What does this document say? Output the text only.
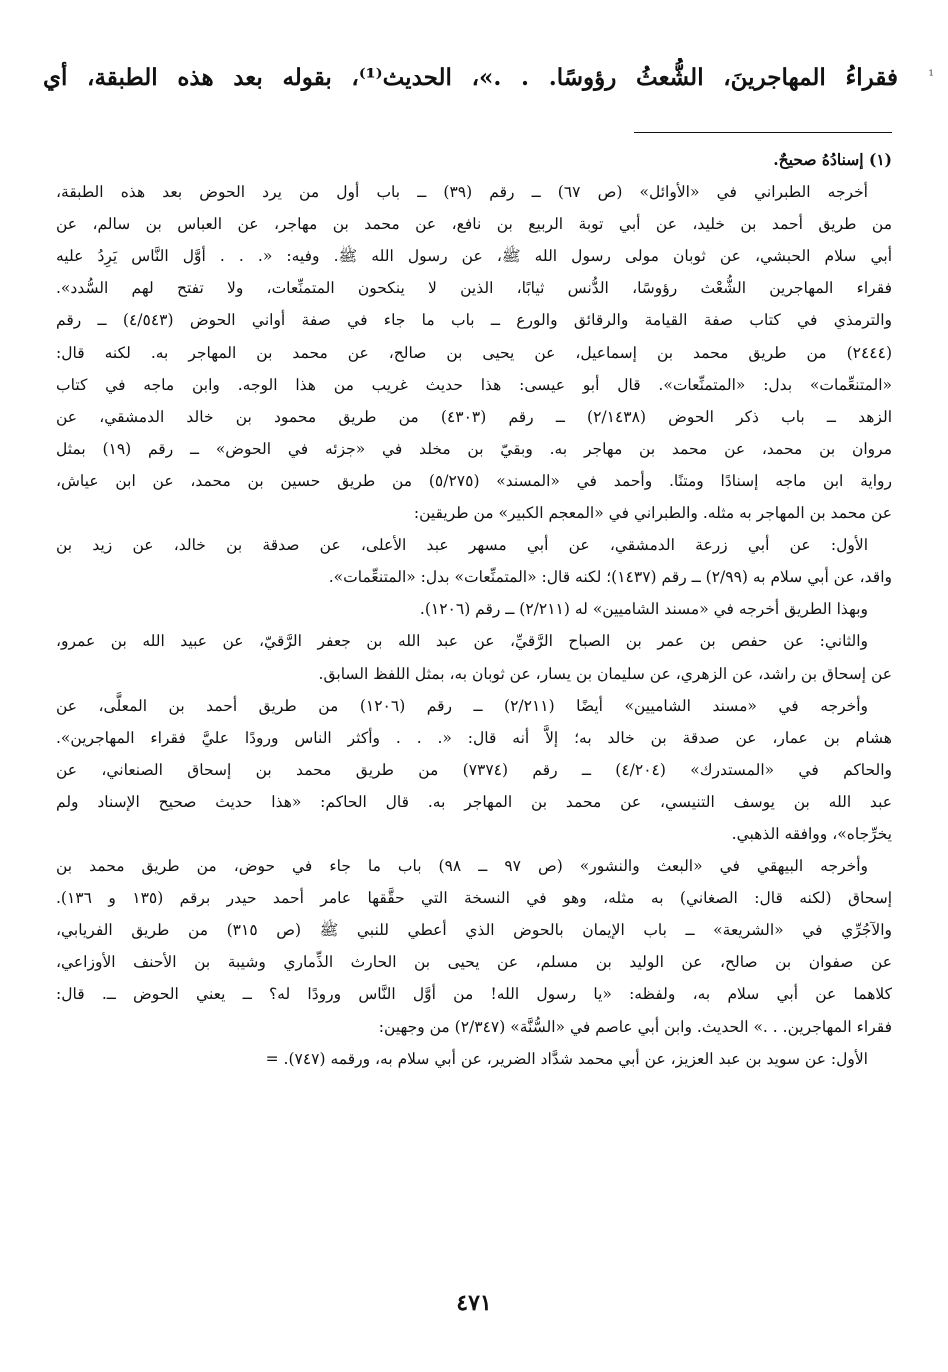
فقراءُ المهاجرينَ، الشُّعثُ رؤوسًا. . .»، الحديث⁽¹⁾، بقوله بعد هذه الطبقة، أي ¹
(١) إسنادُهُ صحيحٌ.
أخرجه الطبراني في «الأوائل» (ص ٦٧) ــ رقم (٣٩) ــ باب أول من يرد الحوض بعد هذه الطبقة،
من طريق أحمد بن خليد، عن أبي توبة الربيع بن نافع، عن محمد بن مهاجر، عن العباس بن سالم، عن
أبي سلام الحبشي، عن ثوبان مولى رسول الله ﷺ، عن رسول الله ﷺ. وفيه: «. . . أوَّل النَّاس يَرِدُ عليه
فقراء المهاجرين الشُّعْث رؤوسًا، الدُّنس ثيابًا، الذين لا ينكحون المتمنِّعات، ولا تفتح لهم السُّدد».
والترمذي في كتاب صفة القيامة والرقائق والورع ــ باب ما جاء في صفة أواني الحوض (٤/٥٤٣) ــ رقم
(٢٤٤٤) من طريق محمد بن إسماعيل، عن يحيى بن صالح، عن محمد بن المهاجر به. لكنه قال:
«المتنعِّمات» بدل: «المتمنِّعات». قال أبو عيسى: هذا حديث غريب من هذا الوجه. وابن ماجه في كتاب
الزهد ــ باب ذكر الحوض (٢/١٤٣٨) ــ رقم (٤٣٠٣) من طريق محمود بن خالد الدمشقي، عن
مروان بن محمد، عن محمد بن مهاجر به. وبقيّ بن مخلد في «جزئه في الحوض» ــ رقم (١٩) بمثل
رواية ابن ماجه إسنادًا ومتنًا. وأحمد في «المسند» (٥/٢٧٥) من طريق حسين بن محمد، عن ابن عياش،
عن محمد بن المهاجر به مثله. والطبراني في «المعجم الكبير» من طريقين:
الأول: عن أبي زرعة الدمشقي، عن أبي مسهر عبد الأعلى، عن صدقة بن خالد، عن زيد بن
واقد، عن أبي سلام به (٢/٩٩) ــ رقم (١٤٣٧)؛ لكنه قال: «المتمنِّعات» بدل: «المتنعِّمات».
وبهذا الطريق أخرجه في «مسند الشاميين» له (٢/٢١١) ــ رقم (١٢٠٦).
والثاني: عن حفص بن عمر بن الصباح الرَّقيِّ، عن عبد الله بن جعفر الرَّقيّ، عن عبيد الله بن عمرو،
عن إسحاق بن راشد، عن الزهري، عن سليمان بن يسار، عن ثوبان به، بمثل اللفظ السابق.
وأخرجه في «مسند الشاميين» أيضًا (٢/٢١١) ــ رقم (١٢٠٦) من طريق أحمد بن المعلَّى، عن
هشام بن عمار، عن صدقة بن خالد به؛ إلاَّ أنه قال: «. . . وأكثر الناس ورودًا عليَّ فقراء المهاجرين».
والحاكم في «المستدرك» (٤/٢٠٤) ــ رقم (٧٣٧٤) من طريق محمد بن إسحاق الصنعاني، عن
عبد الله بن يوسف التنيسي، عن محمد بن المهاجر به. قال الحاكم: «هذا حديث صحيح الإسناد ولم
يخرِّجاه»، ووافقه الذهبي.
وأخرجه البيهقي في «البعث والنشور» (ص ٩٧ ــ ٩٨) باب ما جاء في حوض، من طريق محمد بن
إسحاق (لكنه قال: الصغاني) به مثله، وهو في النسخة التي حقَّقها عامر أحمد حيدر برقم (١٣٥ و ١٣٦).
والآجُرِّي في «الشريعة» ــ باب الإيمان بالحوض الذي أعطي للنبي ﷺ (ص ٣١٥) من طريق الفريابي،
عن صفوان بن صالح، عن الوليد بن مسلم، عن يحيى بن الحارث الذِّماري وشيبة بن الأحنف الأوزاعي،
كلاهما عن أبي سلام به، ولفظه: «يا رسول الله! من أوَّل النَّاس ورودًا له؟ ــ يعني الحوض ــ. قال:
فقراء المهاجرين. . .» الحديث. وابن أبي عاصم في «السُّنَّة» (٢/٣٤٧) من وجهين:
الأول: عن سويد بن عبد العزيز، عن أبي محمد شدَّاد الضرير، عن أبي سلام به، ورقمه (٧٤٧). =
٤٧١
